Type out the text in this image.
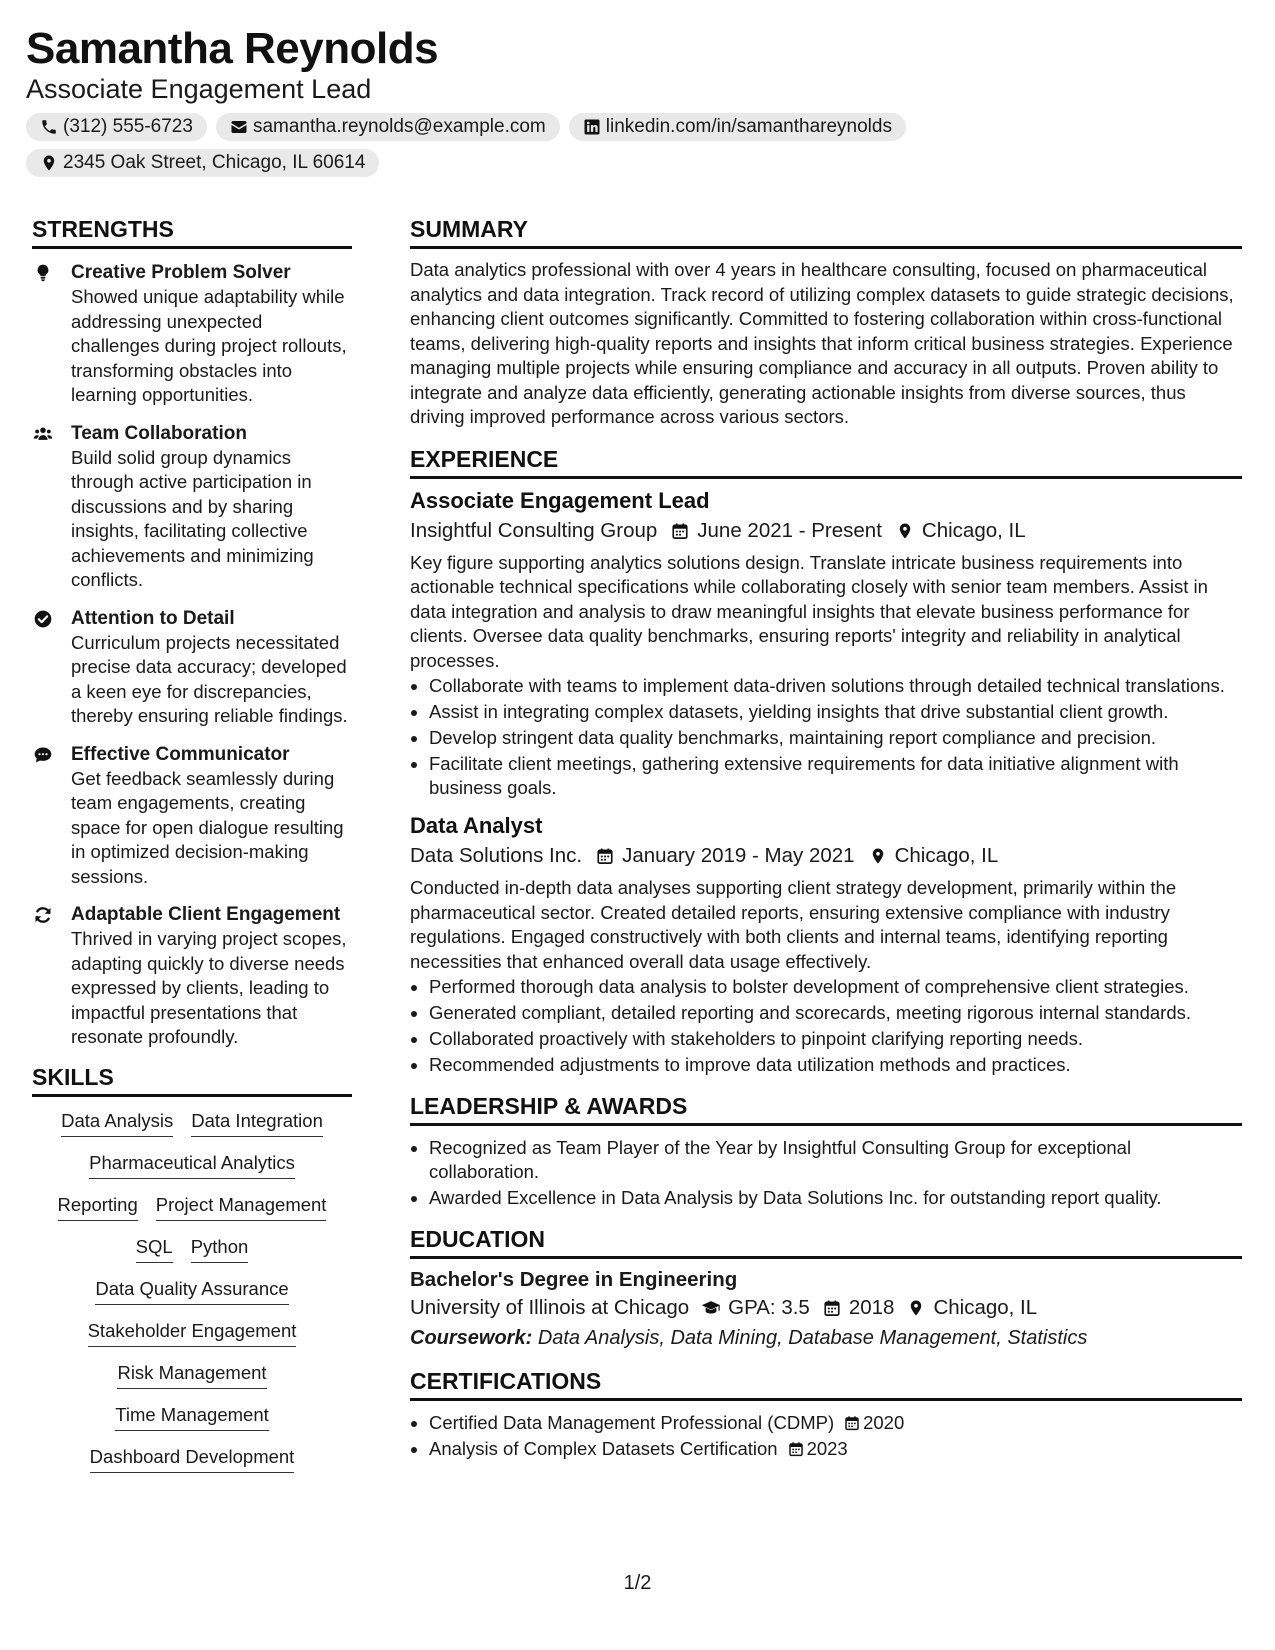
Samantha Reynolds
Associate Engagement Lead
(312) 555-6723	samantha.reynolds@example.com	linkedin.com/in/samanthareynolds
2345 Oak Street, Chicago, IL 60614
STRENGTHS
Creative Problem Solver
Showed unique adaptability while addressing unexpected challenges during project rollouts, transforming obstacles into learning opportunities.
Team Collaboration
Build solid group dynamics through active participation in discussions and by sharing insights, facilitating collective achievements and minimizing conflicts.
Attention to Detail
Curriculum projects necessitated precise data accuracy; developed a keen eye for discrepancies, thereby ensuring reliable findings.
Effective Communicator
Get feedback seamlessly during team engagements, creating space for open dialogue resulting in optimized decision-making sessions.
Adaptable Client Engagement
Thrived in varying project scopes, adapting quickly to diverse needs expressed by clients, leading to impactful presentations that resonate profoundly.
SKILLS
Data Analysis Data Integration
Pharmaceutical Analytics
Reporting Project Management
SQL Python
Data Quality Assurance
Stakeholder Engagement
Risk Management
Time Management
Dashboard Development
SUMMARY
Data analytics professional with over 4 years in healthcare consulting, focused on pharmaceutical analytics and data integration. Track record of utilizing complex datasets to guide strategic decisions, enhancing client outcomes significantly. Committed to fostering collaboration within cross-functional teams, delivering high-quality reports and insights that inform critical business strategies. Experience managing multiple projects while ensuring compliance and accuracy in all outputs. Proven ability to integrate and analyze data efficiently, generating actionable insights from diverse sources, thus driving improved performance across various sectors.
EXPERIENCE
Associate Engagement Lead
Insightful Consulting Group June 2021 - Present Chicago, IL
Key figure supporting analytics solutions design. Translate intricate business requirements into actionable technical specifications while collaborating closely with senior team members. Assist in data integration and analysis to draw meaningful insights that elevate business performance for clients. Oversee data quality benchmarks, ensuring reports' integrity and reliability in analytical processes.
Collaborate with teams to implement data-driven solutions through detailed technical translations.
Assist in integrating complex datasets, yielding insights that drive substantial client growth.
Develop stringent data quality benchmarks, maintaining report compliance and precision.
Facilitate client meetings, gathering extensive requirements for data initiative alignment with business goals.
Data Analyst
Data Solutions Inc. January 2019 - May 2021 Chicago, IL
Conducted in-depth data analyses supporting client strategy development, primarily within the pharmaceutical sector. Created detailed reports, ensuring extensive compliance with industry regulations. Engaged constructively with both clients and internal teams, identifying reporting necessities that enhanced overall data usage effectively.
Performed thorough data analysis to bolster development of comprehensive client strategies.
Generated compliant, detailed reporting and scorecards, meeting rigorous internal standards.
Collaborated proactively with stakeholders to pinpoint clarifying reporting needs.
Recommended adjustments to improve data utilization methods and practices.
LEADERSHIP & AWARDS
Recognized as Team Player of the Year by Insightful Consulting Group for exceptional collaboration.
Awarded Excellence in Data Analysis by Data Solutions Inc. for outstanding report quality.
EDUCATION
Bachelor's Degree in Engineering
University of Illinois at Chicago GPA: 3.5 2018 Chicago, IL
Coursework: Data Analysis, Data Mining, Database Management, Statistics
CERTIFICATIONS
Certified Data Management Professional (CDMP) 2020
Analysis of Complex Datasets Certification 2023
1/2
